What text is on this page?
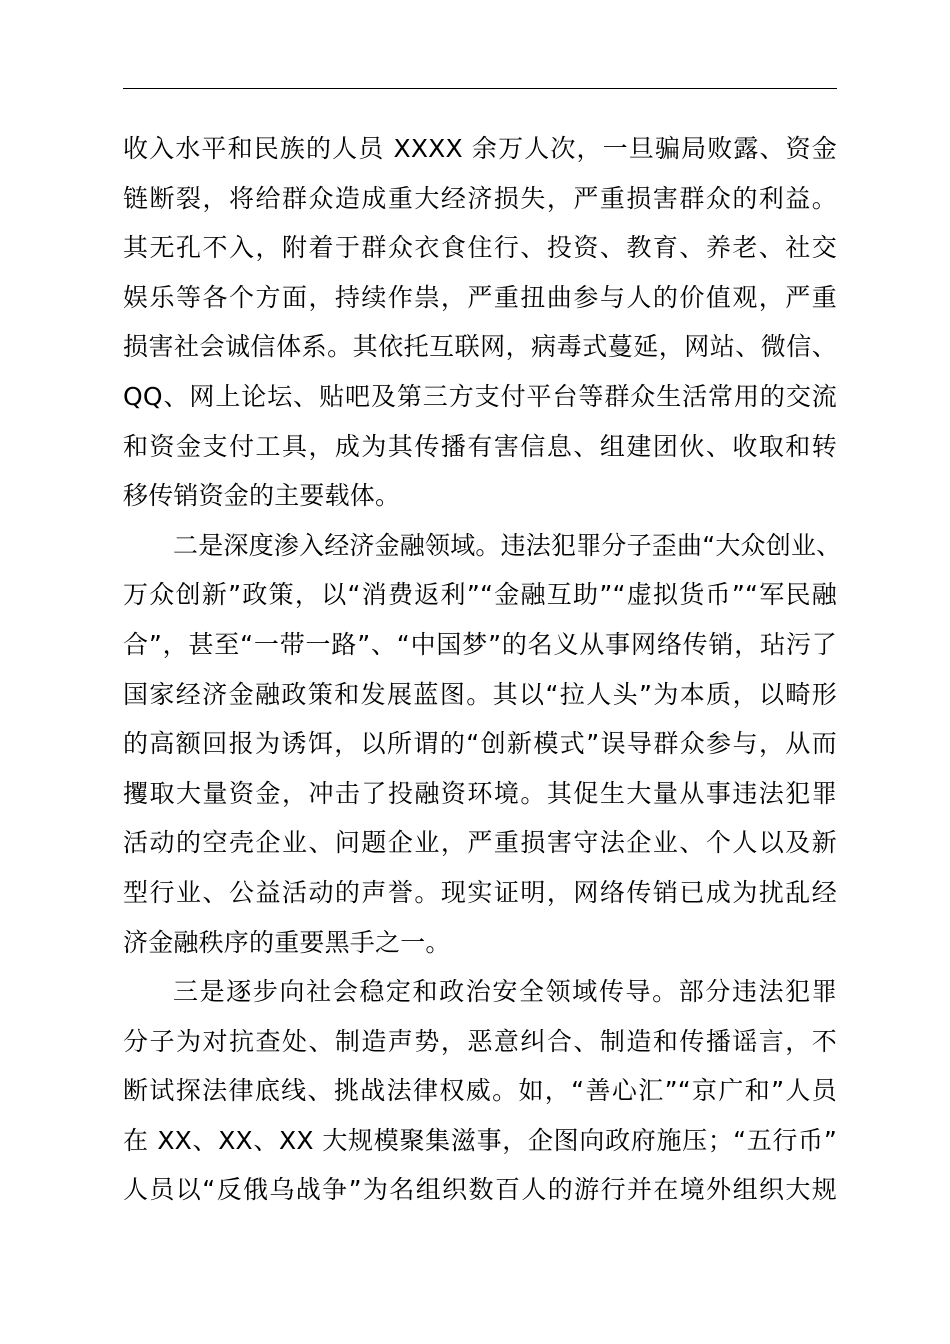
收入水平和民族的人员 XXXX 余万人次，一旦骗局败露、资金
链断裂，将给群众造成重大经济损失，严重损害群众的利益。
其无孔不入，附着于群众衣食住行、投资、教育、养老、社交
娱乐等各个方面，持续作祟，严重扭曲参与人的价值观，严重
损害社会诚信体系。其依托互联网，病毒式蔓延，网站、微信、
QQ、网上论坛、贴吧及第三方支付平台等群众生活常用的交流
和资金支付工具，成为其传播有害信息、组建团伙、收取和转
移传销资金的主要载体。
二是深度渗入经济金融领域。违法犯罪分子歪曲“大众创业、
万众创新”政策，以“消费返利”“金融互助”“虚拟货币”“军民融
合”，甚至“一带一路”、“中国梦”的名义从事网络传销，玷污了
国家经济金融政策和发展蓝图。其以“拉人头”为本质，以畸形
的高额回报为诱饵，以所谓的“创新模式”误导群众参与，从而
攫取大量资金，冲击了投融资环境。其促生大量从事违法犯罪
活动的空壳企业、问题企业，严重损害守法企业、个人以及新
型行业、公益活动的声誉。现实证明，网络传销已成为扰乱经
济金融秩序的重要黑手之一。
三是逐步向社会稳定和政治安全领域传导。部分违法犯罪
分子为对抗查处、制造声势，恶意纠合、制造和传播谣言，不
断试探法律底线、挑战法律权威。如，“善心汇”“京广和”人员
在 XX、XX、XX 大规模聚集滋事，企图向政府施压；“五行币”
人员以“反俄乌战争”为名组织数百人的游行并在境外组织大规
